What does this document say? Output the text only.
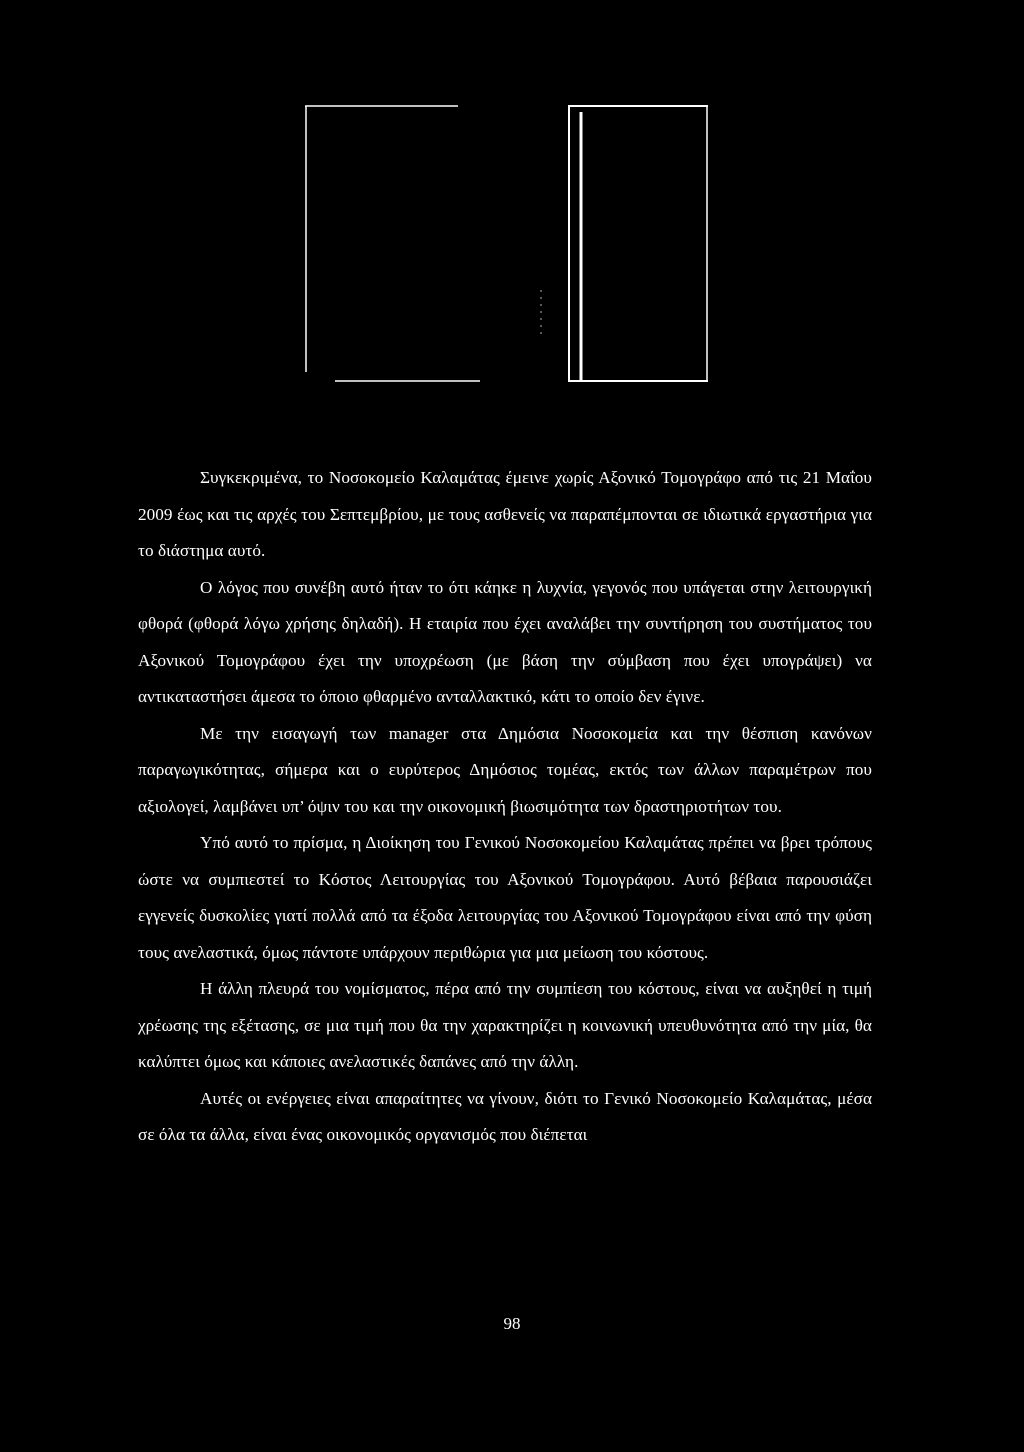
Συγκεκριμένα, το Νοσοκομείο Καλαμάτας έμεινε χωρίς Αξονικό Τομογράφο από τις 21 Μαΐου 2009 έως και τις αρχές του Σεπτεμβρίου, με τους ασθενείς να παραπέμπονται σε ιδιωτικά εργαστήρια για το διάστημα αυτό.

Ο λόγος που συνέβη αυτό ήταν το ότι κάηκε η λυχνία, γεγονός που υπάγεται στην λειτουργική φθορά (φθορά λόγω χρήσης δηλαδή). Η εταιρία που έχει αναλάβει την συντήρηση του συστήματος του Αξονικού Τομογράφου έχει την υποχρέωση (με βάση την σύμβαση που έχει υπογράψει) να αντικαταστήσει άμεσα το όποιο φθαρμένο ανταλλακτικό, κάτι το οποίο δεν έγινε.

Με την εισαγωγή των manager στα Δημόσια Νοσοκομεία και την θέσπιση κανόνων παραγωγικότητας, σήμερα και ο ευρύτερος Δημόσιος τομέας, εκτός των άλλων παραμέτρων που αξιολογεί, λαμβάνει υπ’ όψιν του και την οικονομική βιωσιμότητα των δραστηριοτήτων του.

Υπό αυτό το πρίσμα, η Διοίκηση του Γενικού Νοσοκομείου Καλαμάτας πρέπει να βρει τρόπους ώστε να συμπιεστεί το Κόστος Λειτουργίας του Αξονικού Τομογράφου. Αυτό βέβαια παρουσιάζει εγγενείς δυσκολίες γιατί πολλά από τα έξοδα λειτουργίας του Αξονικού Τομογράφου είναι από την φύση τους ανελαστικά, όμως πάντοτε υπάρχουν περιθώρια για μια μείωση του κόστους.

Η άλλη πλευρά του νομίσματος, πέρα από την συμπίεση του κόστους, είναι να αυξηθεί η τιμή χρέωσης της εξέτασης, σε μια τιμή που θα την χαρακτηρίζει η κοινωνική υπευθυνότητα από την μία, θα καλύπτει όμως και κάποιες ανελαστικές δαπάνες από την άλλη.

Αυτές οι ενέργειες είναι απαραίτητες να γίνουν, διότι το Γενικό Νοσοκομείο Καλαμάτας, μέσα σε όλα τα άλλα, είναι ένας οικονομικός οργανισμός που διέπεται

98
